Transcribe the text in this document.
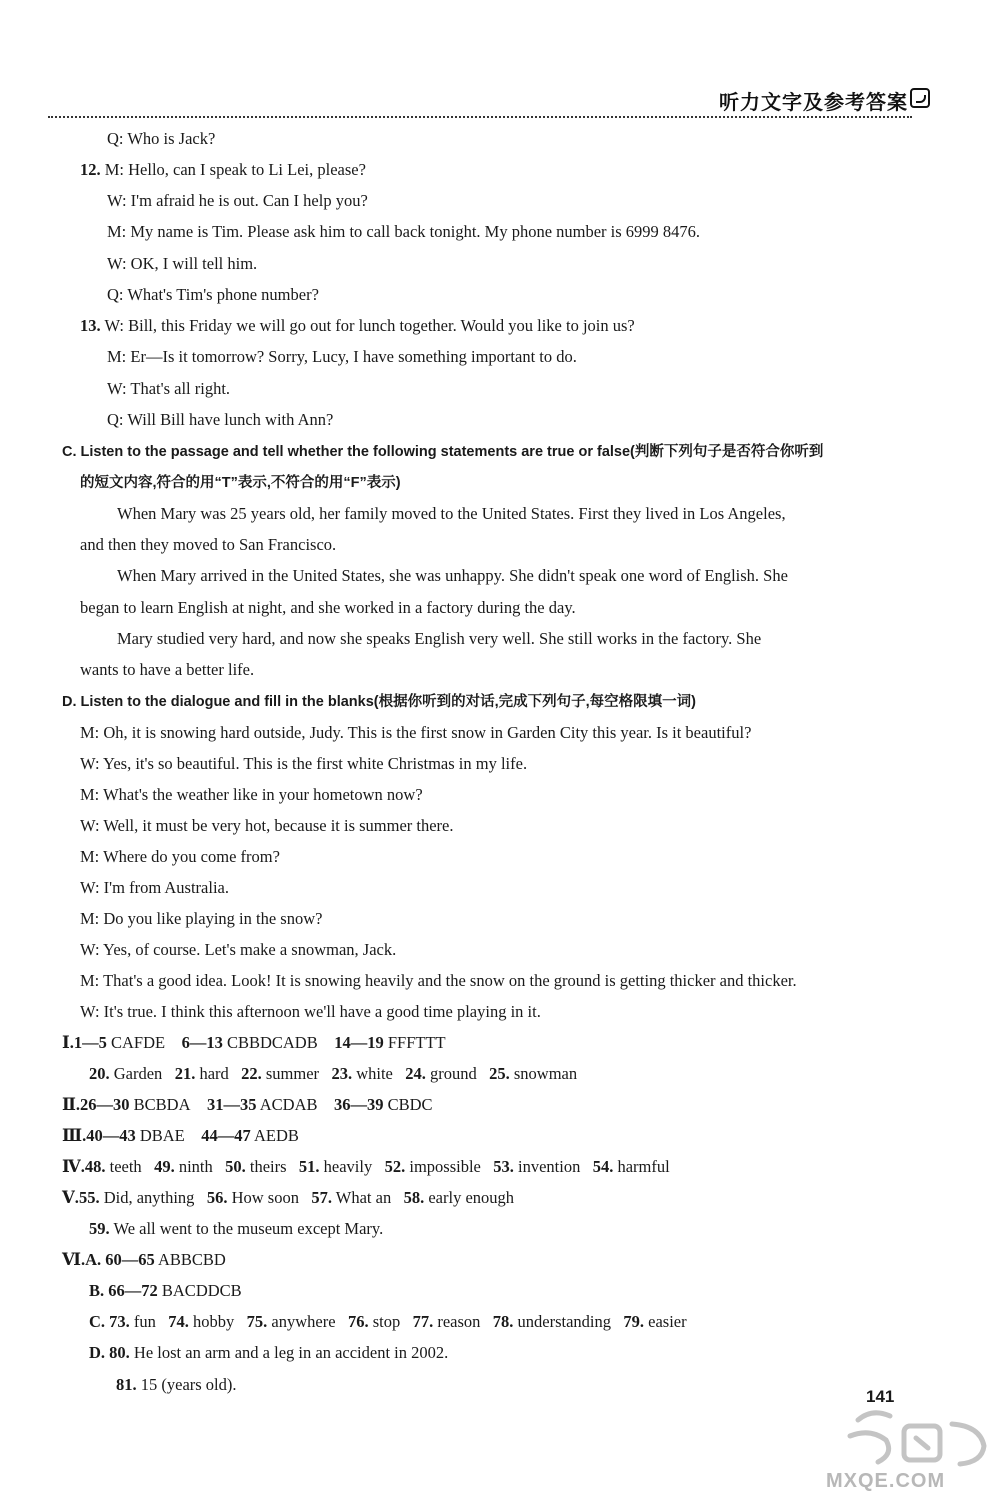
听力文字及参考答案
Q: Who is Jack?
12. M: Hello, can I speak to Li Lei, please?
W: I'm afraid he is out. Can I help you?
M: My name is Tim. Please ask him to call back tonight. My phone number is 6999 8476.
W: OK, I will tell him.
Q: What's Tim's phone number?
13. W: Bill, this Friday we will go out for lunch together. Would you like to join us?
M: Er—Is it tomorrow? Sorry, Lucy, I have something important to do.
W: That's all right.
Q: Will Bill have lunch with Ann?
C. Listen to the passage and tell whether the following statements are true or false(判断下列句子是否符合你听到
的短文内容,符合的用“T”表示,不符合的用“F”表示)
When Mary was 25 years old, her family moved to the United States. First they lived in Los Angeles,
and then they moved to San Francisco.
When Mary arrived in the United States, she was unhappy. She didn't speak one word of English. She
began to learn English at night, and she worked in a factory during the day.
Mary studied very hard, and now she speaks English very well. She still works in the factory. She
wants to have a better life.
D. Listen to the dialogue and fill in the blanks(根据你听到的对话,完成下列句子,每空格限填一词)
M: Oh, it is snowing hard outside, Judy. This is the first snow in Garden City this year. Is it beautiful?
W: Yes, it's so beautiful. This is the first white Christmas in my life.
M: What's the weather like in your hometown now?
W: Well, it must be very hot, because it is summer there.
M: Where do you come from?
W: I'm from Australia.
M: Do you like playing in the snow?
W: Yes, of course. Let's make a snowman, Jack.
M: That's a good idea. Look! It is snowing heavily and the snow on the ground is getting thicker and thicker.
W: It's true. I think this afternoon we'll have a good time playing in it.
Ⅰ.1—5 CAFDE 6—13 CBBDCADB 14—19 FFFTTT
20. Garden 21. hard 22. summer 23. white 24. ground 25. snowman
Ⅱ.26—30 BCBDA 31—35 ACDAB 36—39 CBDC
Ⅲ.40—43 DBAE 44—47 AEDB
Ⅳ.48. teeth 49. ninth 50. theirs 51. heavily 52. impossible 53. invention 54. harmful
Ⅴ.55. Did, anything 56. How soon 57. What an 58. early enough
59. We all went to the museum except Mary.
Ⅵ.A. 60—65 ABBCBD
B. 66—72 BACDDCB
C. 73. fun 74. hobby 75. anywhere 76. stop 77. reason 78. understanding 79. easier
D. 80. He lost an arm and a leg in an accident in 2002.
81. 15 (years old).
141
MXQE.COM
